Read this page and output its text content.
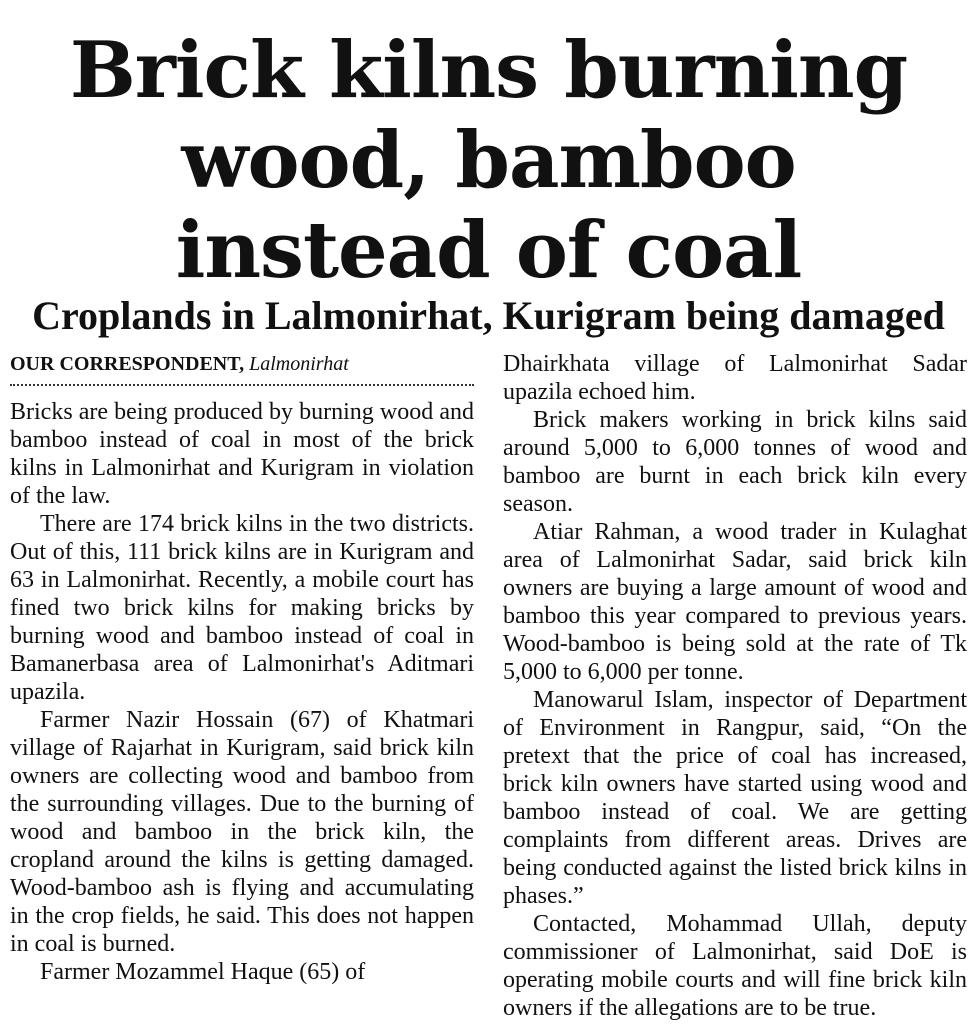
Brick kilns burning
wood, bamboo
instead of coal
Croplands in Lalmonirhat, Kurigram being damaged
OUR CORRESPONDENT, Lalmonirhat

Bricks are being produced by burning wood and bamboo instead of coal in most of the brick kilns in Lalmonirhat and Kurigram in violation of the law.

There are 174 brick kilns in the two districts. Out of this, 111 brick kilns are in Kurigram and 63 in Lalmonirhat. Recently, a mobile court has fined two brick kilns for making bricks by burning wood and bamboo instead of coal in Bamanerbasa area of Lalmonirhat's Aditmari upazila.

Farmer Nazir Hossain (67) of Khatmari village of Rajarhat in Kurigram, said brick kiln owners are collecting wood and bamboo from the surrounding villages. Due to the burning of wood and bamboo in the brick kiln, the cropland around the kilns is getting damaged. Wood-bamboo ash is flying and accumulating in the crop fields, he said. This does not happen in coal is burned.

Farmer Mozammel Haque (65) of

Dhairkhata village of Lalmonirhat Sadar upazila echoed him.

Brick makers working in brick kilns said around 5,000 to 6,000 tonnes of wood and bamboo are burnt in each brick kiln every season.

Atiar Rahman, a wood trader in Kulaghat area of Lalmonirhat Sadar, said brick kiln owners are buying a large amount of wood and bamboo this year compared to previous years. Wood-bamboo is being sold at the rate of Tk 5,000 to 6,000 per tonne.

Manowarul Islam, inspector of Department of Environment in Rangpur, said, “On the pretext that the price of coal has increased, brick kiln owners have started using wood and bamboo instead of coal. We are getting complaints from different areas. Drives are being conducted against the listed brick kilns in phases.”

Contacted, Mohammad Ullah, deputy commissioner of Lalmonirhat, said DoE is operating mobile courts and will fine brick kiln owners if the allegations are to be true.
